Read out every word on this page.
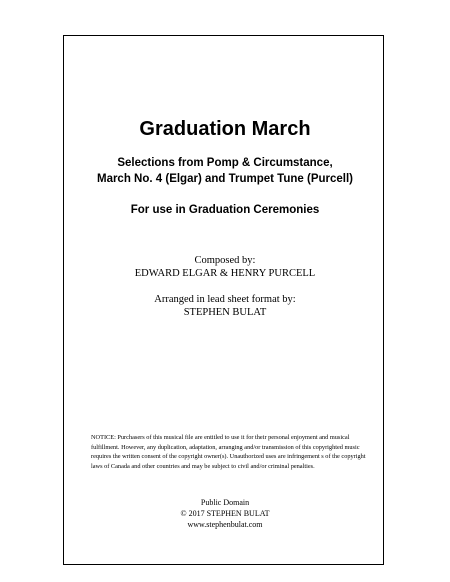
Graduation March

Selections from Pomp & Circumstance,

March No. 4 (Elgar) and Trumpet Tune (Purcell)

For use in Graduation Ceremonies

Composed by:

EDWARD ELGAR & HENRY PURCELL

Arranged in lead sheet format by:

STEPHEN BULAT

NOTICE: Purchasers of this musical file are entitled to use it for their personal enjoyment and musical fulfillment. However, any duplication, adaptation, arranging and/or transmission of this copyrighted music requires the written consent of the copyright owner(s). Unauthorized uses are infringement s of the copyright laws of Canada and other countries and may be subject to civil and/or criminal penalties.

Public Domain

© 2017 STEPHEN BULAT

www.stephenbulat.com
